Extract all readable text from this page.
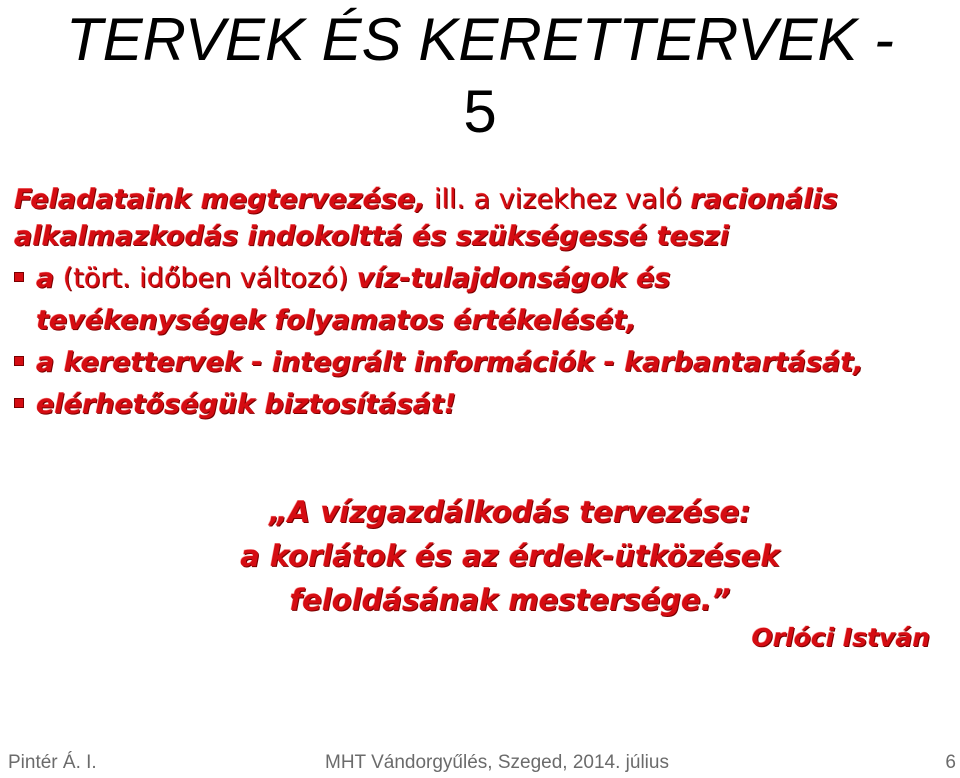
TERVEK ÉS KERETTERVEK -
5

Feladataink megtervezése, ill. a vizekhez való racionális

alkalmazkodás indokolttá és szükségessé teszi

a (tört. időben változó) víz-tulajdonságok és
tevékenységek folyamatos értékelését,
a kerettervek - integrált információk - karbantartását,
elérhetőségük biztosítását!

„A vízgazdálkodás tervezése:

a korlátok és az érdek-ütközések

feloldásának mestersége.”

Orlóci István
Pintér Á. I.	MHT Vándorgyűlés, Szeged, 2014. július	6
